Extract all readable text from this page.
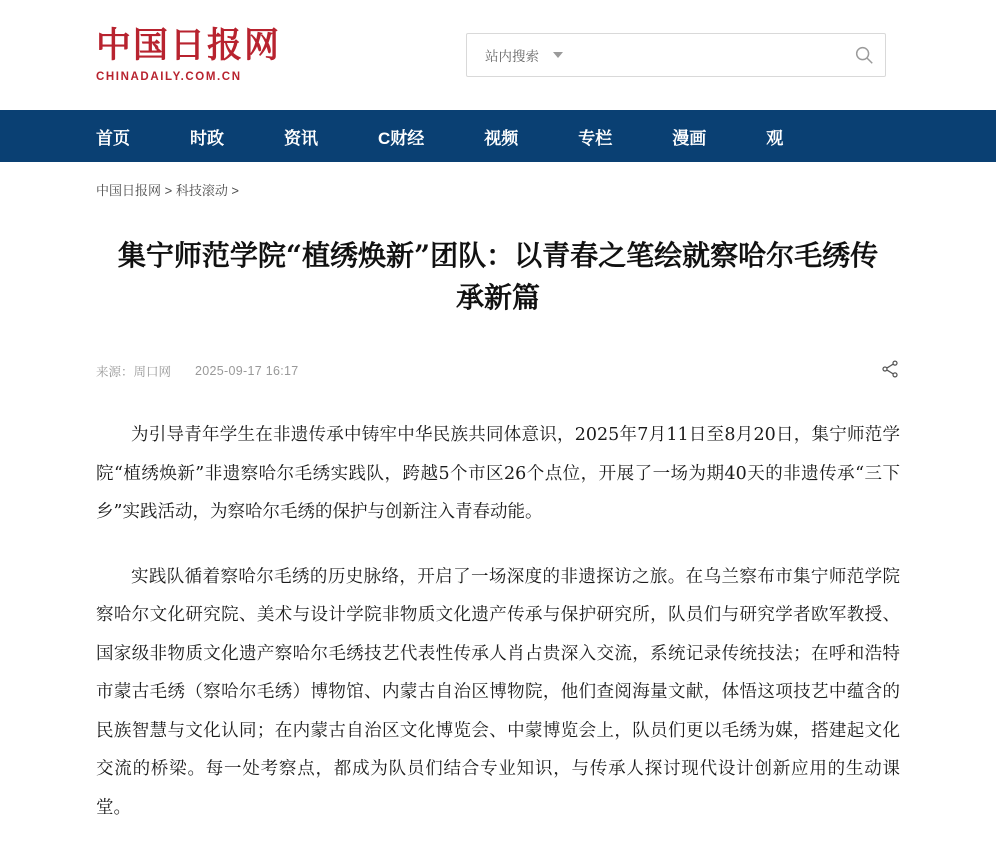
中国日报网
CHINADAILY.COM.CN
站内搜索
首页	时政	资讯	C财经	视频	专栏	漫画	观
中国日报网 > 科技滚动 >
集宁师范学院“植绣焕新”团队：以青春之笔绘就察哈尔毛绣传承新篇
来源：周口网 2025-09-17 16:17

为引导青年学生在非遗传承中铸牢中华民族共同体意识，2025年7月11日至8月20日，集宁师范学院“植绣焕新”非遗察哈尔毛绣实践队，跨越5个市区26个点位，开展了一场为期40天的非遗传承“三下乡”实践活动，为察哈尔毛绣的保护与创新注入青春动能。

实践队循着察哈尔毛绣的历史脉络，开启了一场深度的非遗探访之旅。在乌兰察布市集宁师范学院察哈尔文化研究院、美术与设计学院非物质文化遗产传承与保护研究所，队员们与研究学者欧军教授、国家级非物质文化遗产察哈尔毛绣技艺代表性传承人肖占贵深入交流，系统记录传统技法；在呼和浩特市蒙古毛绣（察哈尔毛绣）博物馆、内蒙古自治区博物院，他们查阅海量文献，体悟这项技艺中蕴含的民族智慧与文化认同；在内蒙古自治区文化博览会、中蒙博览会上，队员们更以毛绣为媒，搭建起文化交流的桥梁。每一处考察点，都成为队员们结合专业知识，与传承人探讨现代设计创新应用的生动课堂。
